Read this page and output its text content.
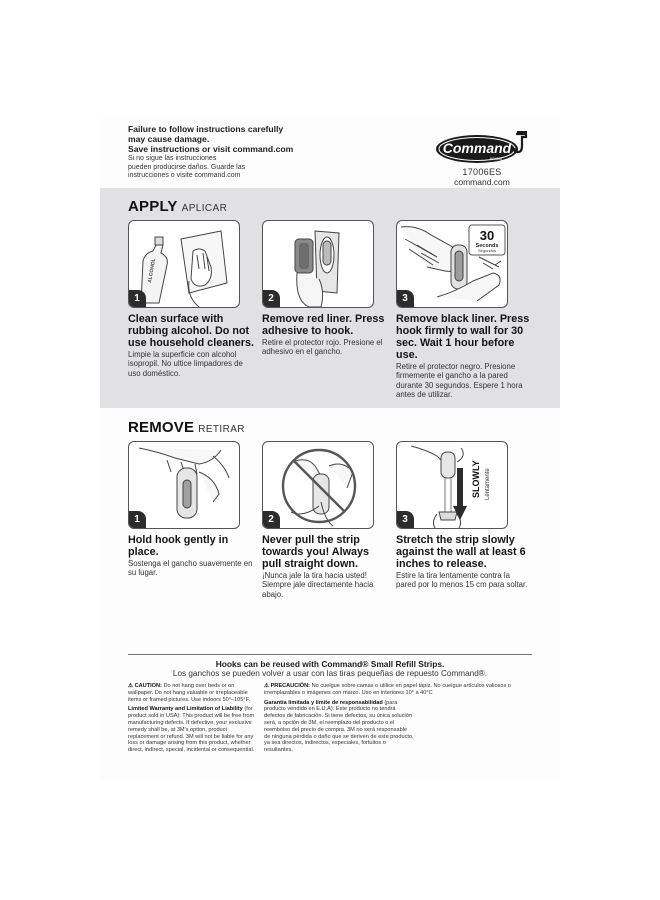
Failure to follow instructions carefully
may cause damage.
Save instructions or visit command.com
Si no sigue las instrucciones
pueden producirse daños. Guarde las
instrucciones o visite command.com
Command
BRAND
17006ES
command.com
APPLY APLICAR
ALCOHOL
1
Clean surface with rubbing alcohol. Do not use household cleaners.
Limpie la superficie con alcohol isopropil. No ultice limpadores de uso doméstico.
2
Remove red liner. Press adhesive to hook.
Retire el protector rojo. Presione el adhesivo en el gancho.
30
Seconds
Segundos
3
Remove black liner. Press hook firmly to wall for 30 sec. Wait 1 hour before use.
Retire el protector negro. Presione firmemente el gancho a la pared durante 30 segundos. Espere 1 hora antes de utilizar.
REMOVE RETIRAR
1
Hold hook gently in place.
Sostenga el gancho suavemente en su lugar.
2
Never pull the strip towards you! Always pull straight down.
¡Nunca jale la tira hacia usted! Siempre jale directamente hacia abajo.
SLOWLY Lentamente
3
Stretch the strip slowly against the wall at least 6 inches to release.
Estire la tira lentamente contra la pared por lo menos 15 cm para soltar.
Hooks can be reused with Command® Small Refill Strips.
Los ganchos se pueden volver a usar con las tiras pequeñas de repuesto Command®.

⚠ CAUTION: Do not hang over beds or on wallpaper. Do not hang valuable or irreplaceable items or framed pictures. Use indoors 50°–105°F.

Limited Warranty and Limitation of Liability (for product sold in USA): This product will be free from manufacturing defects. If defective, your exclusive remedy shall be, at 3M's option, product replacement or refund. 3M will not be liable for any loss or damage arising from this product, whether direct, indirect, special, incidental or consequential.

⚠ PRECAUCIÓN: No cuelgue sobre camas o utilice en papel tapiz. No cuelgue artículos valiosos o irremplazables o imágenes con marco. Uso en interiores 10° a 40°C

Garantía limitada y límite de responsabilidad (para producto vendido en E.U.A): Este producto no tendrá defectos de fabricación. Si tiene defectos, su única solución será, a opción de 3M, el reemplazo del producto o el reembolso del precio de compra. 3M no será responsable de ninguna pérdida o daño que se deriven de este producto, ya sea directos, indirectos, especiales, fortuitos o resultantes.
